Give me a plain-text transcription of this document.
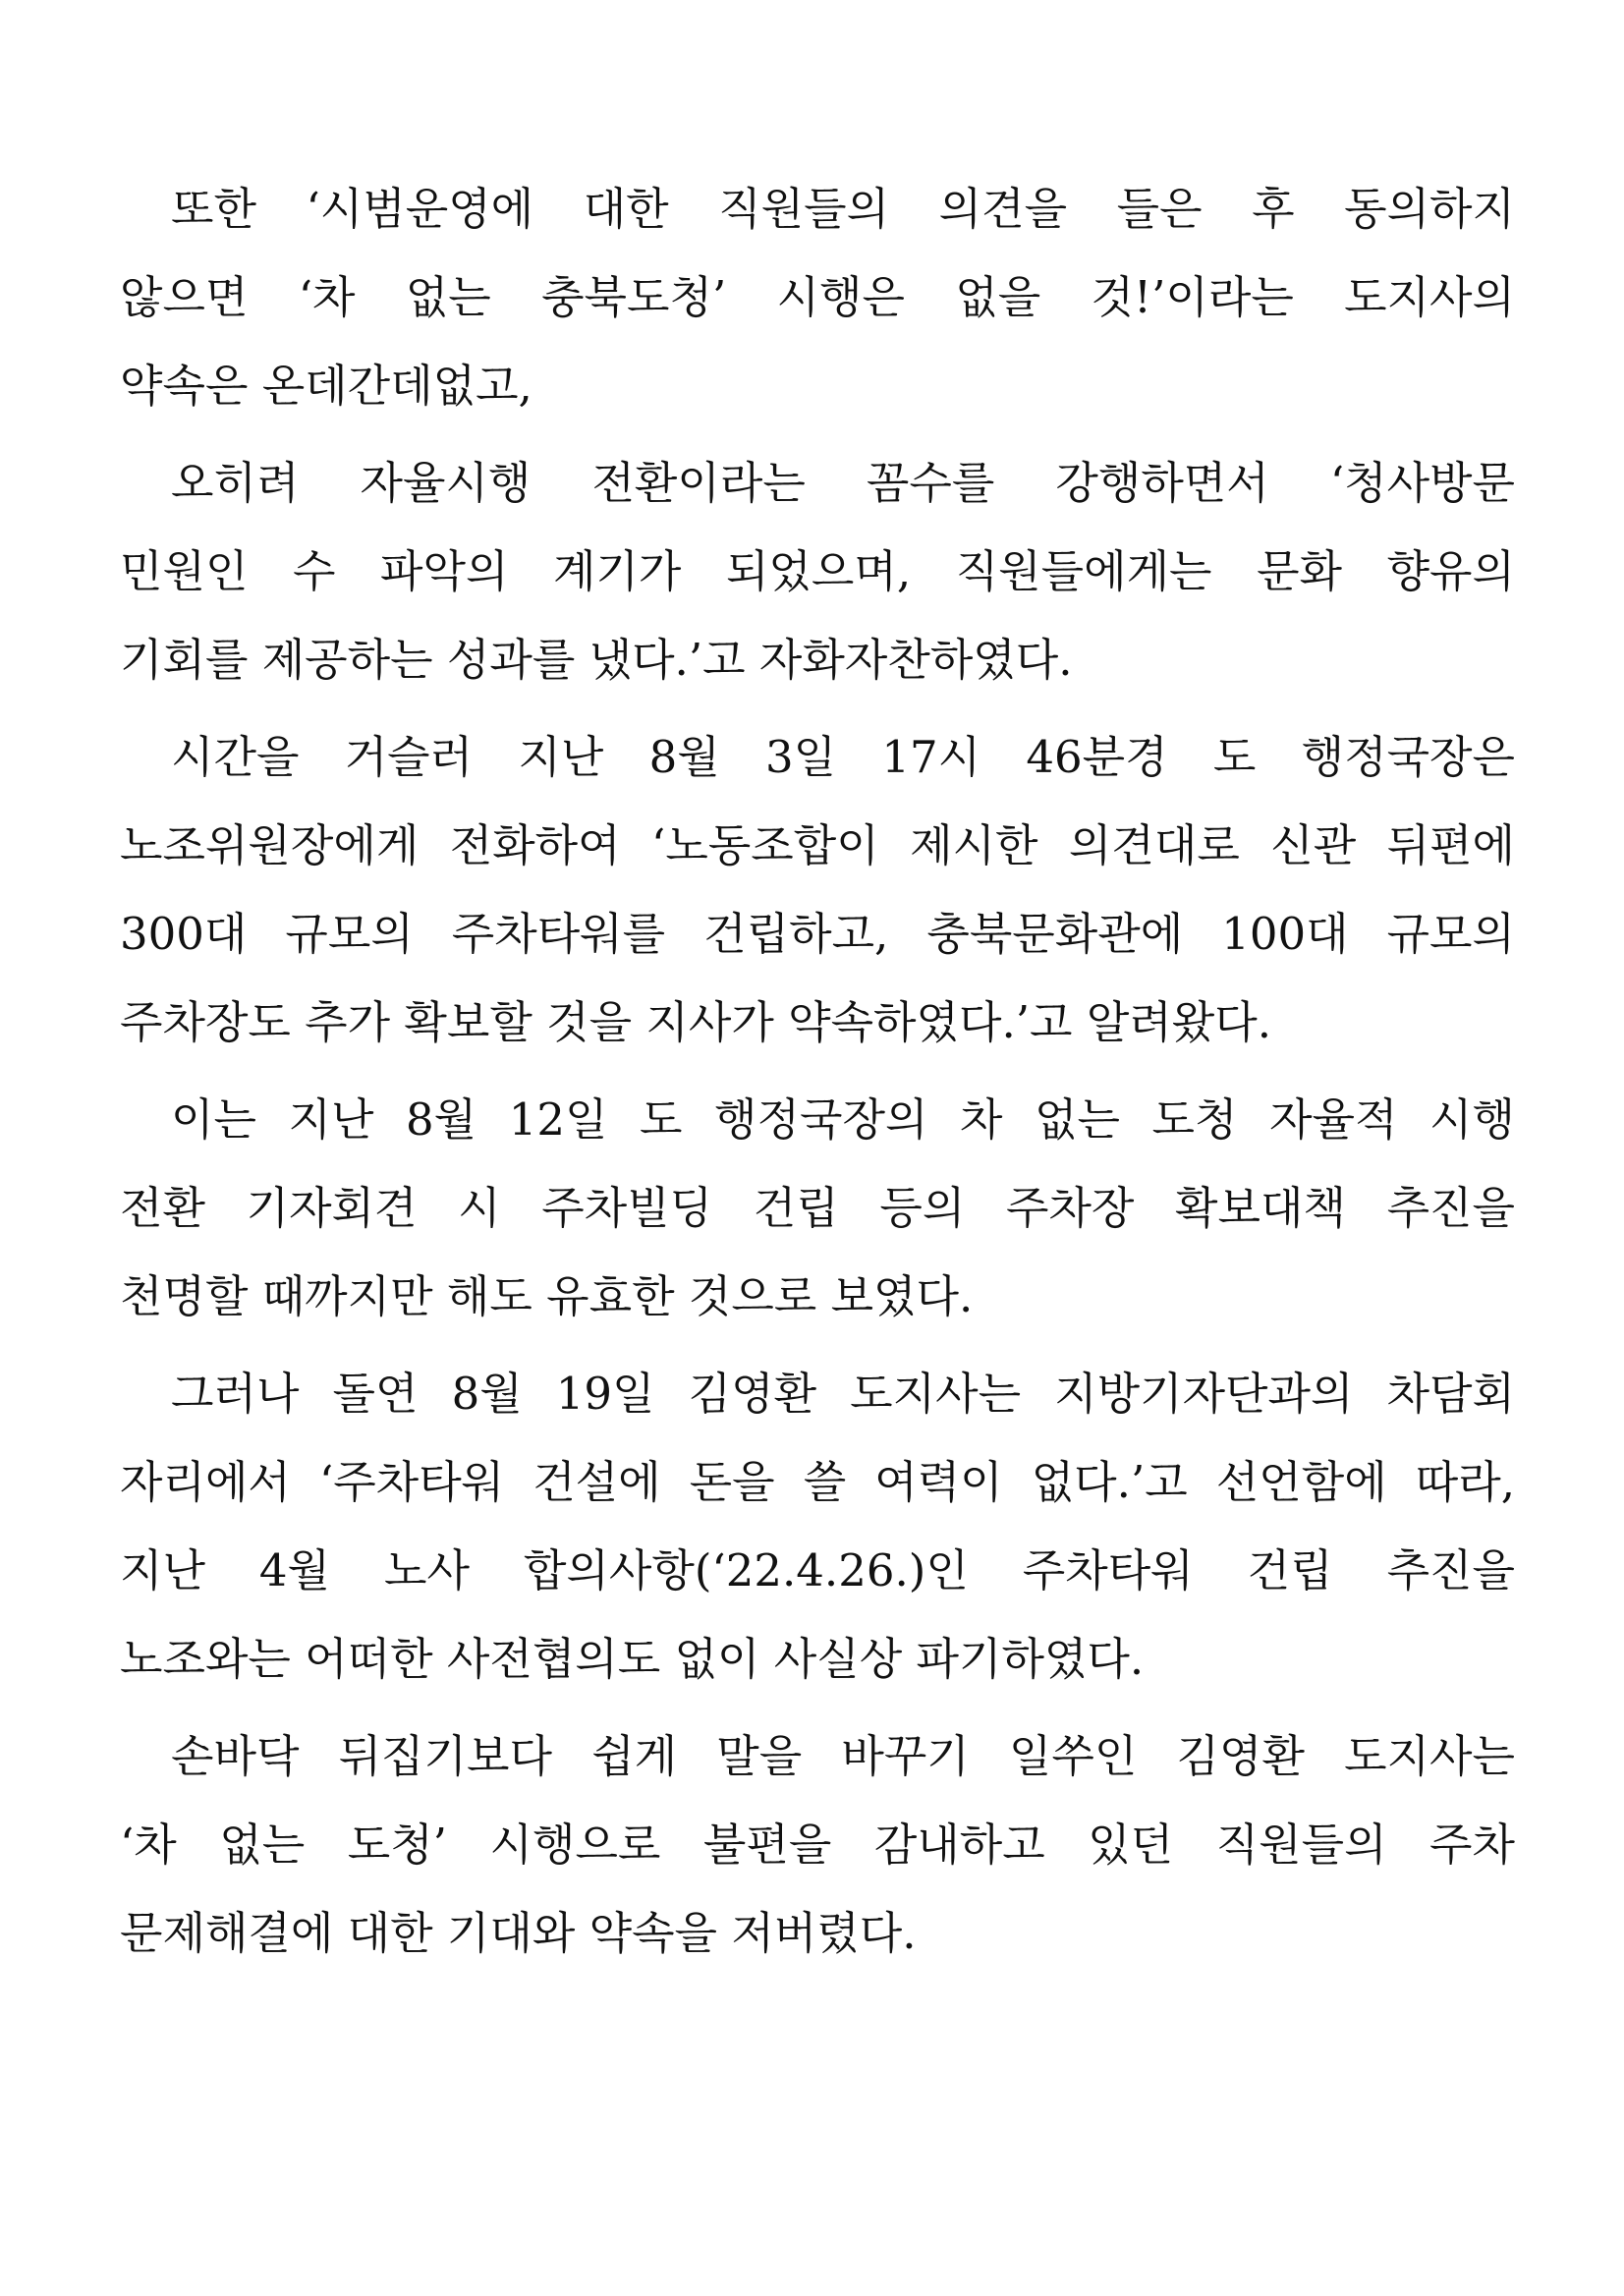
또한 ‘시범운영에 대한 직원들의 의견을 들은 후 동의하지
않으면 ‘차 없는 충북도청’ 시행은 없을 것!’이라는 도지사의
약속은 온데간데없고,
오히려 자율시행 전환이라는 꼼수를 강행하면서 ‘청사방문
민원인 수 파악의 계기가 되었으며, 직원들에게는 문화 향유의
기회를 제공하는 성과를 냈다.’고 자화자찬하였다.
시간을 거슬러 지난 8월 3일 17시 46분경 도 행정국장은
노조위원장에게 전화하여 ‘노동조합이 제시한 의견대로 신관 뒤편에
300대 규모의 주차타워를 건립하고, 충북문화관에 100대 규모의
주차장도 추가 확보할 것을 지사가 약속하였다.’고 알려왔다.
이는 지난 8월 12일 도 행정국장의 차 없는 도청 자율적 시행
전환 기자회견 시 주차빌딩 건립 등의 주차장 확보대책 추진을
천명할 때까지만 해도 유효한 것으로 보였다.
그러나 돌연 8월 19일 김영환 도지사는 지방기자단과의 차담회
자리에서 ‘주차타워 건설에 돈을 쓸 여력이 없다.’고 선언함에 따라,
지난 4월 노사 합의사항(‘22.4.26.)인 주차타워 건립 추진을
노조와는 어떠한 사전협의도 없이 사실상 파기하였다.
손바닥 뒤집기보다 쉽게 말을 바꾸기 일쑤인 김영환 도지사는
‘차 없는 도청’ 시행으로 불편을 감내하고 있던 직원들의 주차
문제해결에 대한 기대와 약속을 저버렸다.
